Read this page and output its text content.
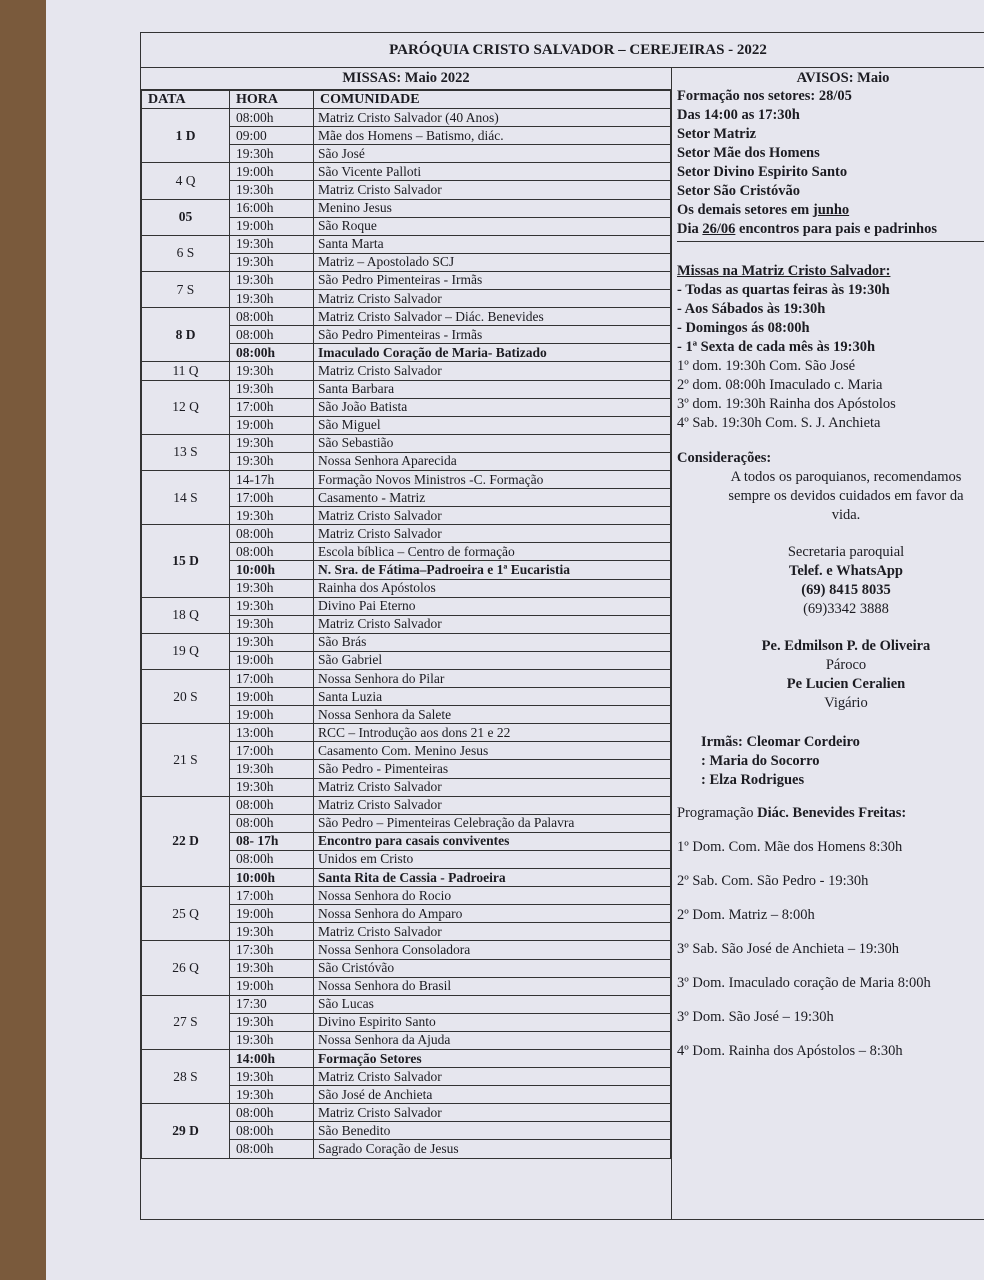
PARÓQUIA CRISTO SALVADOR – CEREJEIRAS - 2022
MISSAS: Maio 2022
DATA	HORA	COMUNIDADE
1 D	08:00h	Matriz Cristo Salvador (40 Anos)
	09:00	Mãe dos Homens – Batismo, diác.
	19:30h	São José
4 Q	19:00h	São Vicente Palloti
	19:30h	Matriz Cristo Salvador
05	16:00h	Menino Jesus
	19:00h	São Roque
6 S	19:30h	Santa Marta
	19:30h	Matriz – Apostolado SCJ
7 S	19:30h	São Pedro Pimenteiras - Irmãs
	19:30h	Matriz Cristo Salvador
8 D	08:00h	Matriz Cristo Salvador – Diác. Benevides
	08:00h	São Pedro Pimenteiras - Irmãs
	08:00h	Imaculado Coração de Maria- Batizado
11 Q	19:30h	Matriz Cristo Salvador
12 Q	19:30h	Santa Barbara
	17:00h	São João Batista
	19:00h	São Miguel
13 S	19:30h	São Sebastião
	19:30h	Nossa Senhora Aparecida
14 S	14-17h	Formação Novos Ministros -C. Formação
	17:00h	Casamento - Matriz
	19:30h	Matriz Cristo Salvador
15 D	08:00h	Matriz Cristo Salvador
	08:00h	Escola bíblica – Centro de formação
	10:00h	N. Sra. de Fátima–Padroeira e 1ª Eucaristia
	19:30h	Rainha dos Apóstolos
18 Q	19:30h	Divino Pai Eterno
	19:30h	Matriz Cristo Salvador
19 Q	19:30h	São Brás
	19:00h	São Gabriel
20 S	17:00h	Nossa Senhora do Pilar
	19:00h	Santa Luzia
	19:00h	Nossa Senhora da Salete
21 S	13:00h	RCC – Introdução aos dons 21 e 22
	17:00h	Casamento Com. Menino Jesus
	19:30h	São Pedro - Pimenteiras
	19:30h	Matriz Cristo Salvador
22 D	08:00h	Matriz Cristo Salvador
	08:00h	São Pedro – Pimenteiras Celebração da Palavra
	08- 17h	Encontro para casais conviventes
	08:00h	Unidos em Cristo
	10:00h	Santa Rita de Cassia - Padroeira
25 Q	17:00h	Nossa Senhora do Rocio
	19:00h	Nossa Senhora do Amparo
	19:30h	Matriz Cristo Salvador
26 Q	17:30h	Nossa Senhora Consoladora
	19:30h	São Cristóvão
	19:00h	Nossa Senhora do Brasil
27 S	17:30	São Lucas
	19:30h	Divino Espirito Santo
	19:30h	Nossa Senhora da Ajuda
28 S	14:00h	Formação Setores
	19:30h	Matriz Cristo Salvador
	19:30h	São José de Anchieta
29 D	08:00h	Matriz Cristo Salvador
	08:00h	São Benedito
	08:00h	Sagrado Coração de Jesus
AVISOS: Maio
Formação nos setores: 28/05
Das 14:00 as 17:30h
Setor Matriz
Setor Mãe dos Homens
Setor Divino Espirito Santo
Setor São Cristóvão
Os demais setores em junho
Dia 26/06 encontros para pais e padrinhos
Missas na Matriz Cristo Salvador:
- Todas as quartas feiras às 19:30h
- Aos Sábados às 19:30h
- Domingos ás 08:00h
- 1ª Sexta de cada mês às 19:30h
1º dom. 19:30h Com. São José
2º dom. 08:00h Imaculado c. Maria
3º dom. 19:30h Rainha dos Apóstolos
4º Sab. 19:30h Com. S. J. Anchieta
Considerações:
A todos os paroquianos, recomendamos
sempre os devidos cuidados em favor da
vida.
Secretaria paroquial
Telef. e WhatsApp
(69) 8415 8035
(69)3342 3888
Pe. Edmilson P. de Oliveira
Pároco
Pe Lucien Ceralien
Vigário
Irmãs: Cleomar Cordeiro
: Maria do Socorro
: Elza Rodrigues
Programação Diác. Benevides Freitas:
1º Dom. Com. Mãe dos Homens 8:30h
2º Sab. Com. São Pedro - 19:30h
2º Dom. Matriz – 8:00h
3º Sab. São José de Anchieta – 19:30h
3º Dom. Imaculado coração de Maria 8:00h
3º Dom. São José – 19:30h
4º Dom. Rainha dos Apóstolos – 8:30h
